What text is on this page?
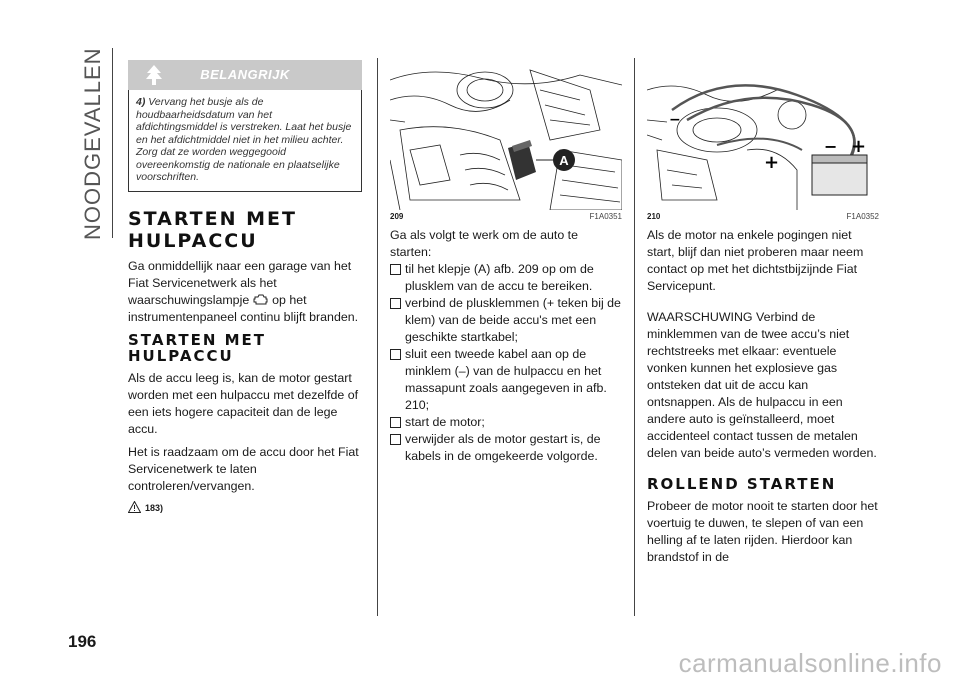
NOODGEVALLEN
196
carmanualsonline.info
BELANGRIJK
4) Vervang het busje als de houdbaarheidsdatum van het afdichtingsmiddel is verstreken. Laat het busje en het afdichtmiddel niet in het milieu achter. Zorg dat ze worden weggegooid overeenkomstig de nationale en plaatselijke voorschriften.
STARTEN MET HULPACCU

Ga onmiddellijk naar een garage van het Fiat Servicenetwerk als het waarschuwingslampje op het instrumentenpaneel continu blijft branden.

STARTEN MET HULPACCU

Als de accu leeg is, kan de motor gestart worden met een hulpaccu met dezelfde of een iets hogere capaciteit dan de lege accu.

Het is raadzaam om de accu door het Fiat Servicenetwerk te laten controleren/vervangen.

183)
A
209	F1A0351

Ga als volgt te werk om de auto te starten:

til het klepje (A) afb. 209 op om de plusklem van de accu te bereiken.
verbind de plusklemmen (+ teken bij de klem) van de beide accu's met een geschikte startkabel;
sluit een tweede kabel aan op de minklem (–) van de hulpaccu en het massapunt zoals aangegeven in afb. 210;
start de motor;
verwijder als de motor gestart is, de kabels in de omgekeerde volgorde.
− +
+
−
210	F1A0352

Als de motor na enkele pogingen niet start, blijf dan niet proberen maar neem contact op met het dichtstbijzijnde Fiat Servicepunt.

WAARSCHUWING Verbind de minklemmen van de twee accu’s niet rechtstreeks met elkaar: eventuele vonken kunnen het explosieve gas ontsteken dat uit de accu kan ontsnappen. Als de hulpaccu in een andere auto is geïnstalleerd, moet accidenteel contact tussen de metalen delen van beide auto’s vermeden worden.

ROLLEND STARTEN

Probeer de motor nooit te starten door het voertuig te duwen, te slepen of van een helling af te laten rijden. Hierdoor kan brandstof in de
